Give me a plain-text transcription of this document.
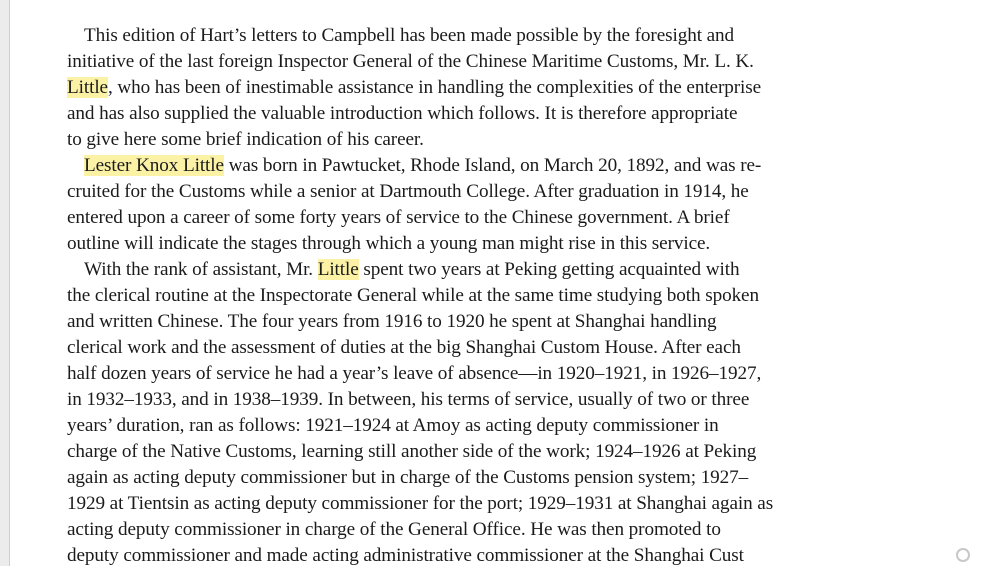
This edition of Hart’s letters to Campbell has been made possible by the foresight and
initiative of the last foreign Inspector General of the Chinese Maritime Customs, Mr. L. K.
Little, who has been of inestimable assistance in handling the complexities of the enterprise
and has also supplied the valuable introduction which follows. It is therefore appropriate
to give here some brief indication of his career.
Lester Knox Little was born in Pawtucket, Rhode Island, on March 20, 1892, and was re-
cruited for the Customs while a senior at Dartmouth College. After graduation in 1914, he
entered upon a career of some forty years of service to the Chinese government. A brief
outline will indicate the stages through which a young man might rise in this service.
With the rank of assistant, Mr. Little spent two years at Peking getting acquainted with
the clerical routine at the Inspectorate General while at the same time studying both spoken
and written Chinese. The four years from 1916 to 1920 he spent at Shanghai handling
clerical work and the assessment of duties at the big Shanghai Custom House. After each
half dozen years of service he had a year’s leave of absence—in 1920–1921, in 1926–1927,
in 1932–1933, and in 1938–1939. In between, his terms of service, usually of two or three
years’ duration, ran as follows: 1921–1924 at Amoy as acting deputy commissioner in
charge of the Native Customs, learning still another side of the work; 1924–1926 at Peking
again as acting deputy commissioner but in charge of the Customs pension system; 1927–
1929 at Tientsin as acting deputy commissioner for the port; 1929–1931 at Shanghai again as
acting deputy commissioner in charge of the General Office. He was then promoted to
deputy commissioner and made acting administrative commissioner at the Shanghai Cust
